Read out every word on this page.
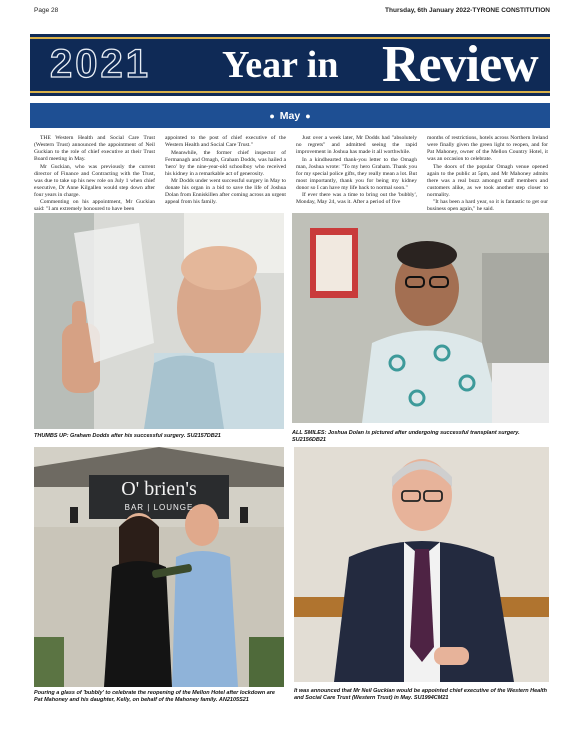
Page 28	Thursday, 6th January 2022-TYRONE CONSTITUTION
2021 Year in Review
● May ●

THE Western Health and Social Care Trust (Western Trust) announced the appointment of Neil Guckian to the role of chief executive at their Trust Board meeting in May.

Mr Guckian, who was previously the current director of Finance and Contracting with the Trust, was due to take up his new role on July 1 when chief executive, Dr Anne Kilgallen would step down after four years in charge.

Commenting on his appointment, Mr Guckian said: "I am extremely honoured to have been

appointed to the post of chief executive of the Western Health and Social Care Trust."

Meanwhile, the former chief inspector of Fermanagh and Omagh, Graham Dodds, was hailed a 'hero' by the nine-year-old schoolboy who received his kidney in a remarkable act of generosity.

Mr Dodds under went successful surgery in May to donate his organ in a bid to save the life of Joshua Dolan from Enniskillen after coming across an urgent appeal from his family.

Just over a week later, Mr Dodds had "absolutely no regrets" and admitted seeing the rapid improvement in Joshua has made it all worthwhile.

In a kindhearted thank-you letter to the Omagh man, Joshua wrote: "To my hero Graham. Thank you for my special police gifts, they really mean a lot. But most importantly, thank you for being my kidney donor so I can have my life back to normal soon."

If ever there was a time to bring out the 'bubbly', Monday, May 24, was it. After a period of five

months of restrictions, hotels across Northern Ireland were finally given the green light to reopen, and for Pat Mahoney, owner of the Mellon Country Hotel, it was an occasion to celebrate.

The doors of the popular Omagh venue opened again to the public at 5pm, and Mr Mahoney admits there was a real buzz amongst staff members and customers alike, as we took another step closer to normality.

"It has been a hard year, so it is fantastic to get our business open again," he said.

THUMBS UP: Graham Dodds after his successful surgery. SU2157DB21	ALL SMILES: Joshua Dolan is pictured after undergoing successful transplant surgery. SU2156DB21
O' brien's
BAR | LOUNGE
Pouring a glass of 'bubbly' to celebrate the reopening of the Mellon Hotel after lockdown are Pat Mahoney and his daughter, Kelly, on behalf of the Mahoney family. AN2105S21
It was announced that Mr Neil Guckian would be appointed chief executive of the Western Health and Social Care Trust (Western Trust) in May. SU1994CM21
